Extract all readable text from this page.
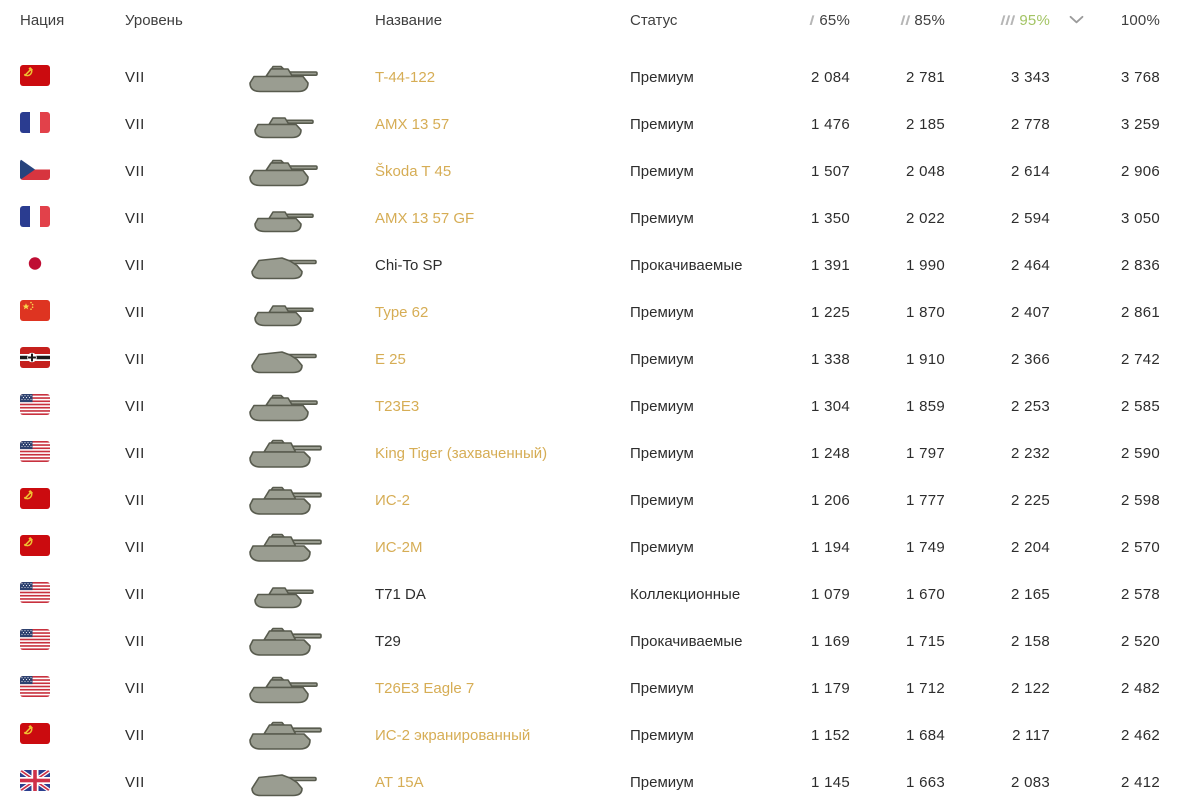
Нация	Уровень	Название	Статус	I 65%	II 85%	III 95%	100%
VII	T-44-122	Премиум	2 084	2 781	3 343	3 768
VII	AMX 13 57	Премиум	1 476	2 185	2 778	3 259
VII	Škoda T 45	Премиум	1 507	2 048	2 614	2 906
VII	AMX 13 57 GF	Премиум	1 350	2 022	2 594	3 050
VII	Chi-To SP	Прокачиваемые	1 391	1 990	2 464	2 836
VII	Type 62	Премиум	1 225	1 870	2 407	2 861
VII	E 25	Премиум	1 338	1 910	2 366	2 742
VII	T23E3	Премиум	1 304	1 859	2 253	2 585
VII	King Tiger (захваченный)	Премиум	1 248	1 797	2 232	2 590
VII	ИС-2	Премиум	1 206	1 777	2 225	2 598
VII	ИС-2М	Премиум	1 194	1 749	2 204	2 570
VII	T71 DA	Коллекционные	1 079	1 670	2 165	2 578
VII	T29	Прокачиваемые	1 169	1 715	2 158	2 520
VII	T26E3 Eagle 7	Премиум	1 179	1 712	2 122	2 482
VII	ИС-2 экранированный	Премиум	1 152	1 684	2 117	2 462
VII	AT 15A	Премиум	1 145	1 663	2 083	2 412
